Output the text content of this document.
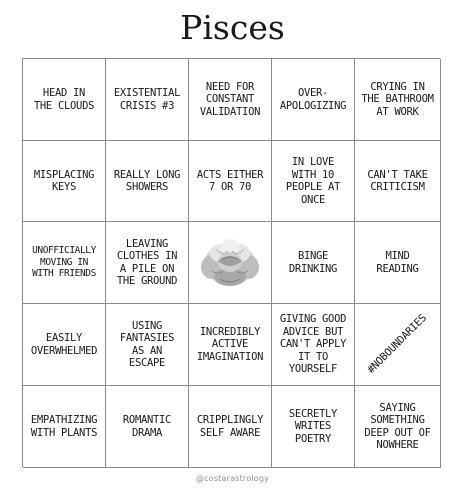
Pisces
HEAD IN
THE CLOUDS
EXISTENTIAL
CRISIS #3
NEED FOR
CONSTANT
VALIDATION
OVER-
APOLOGIZING
CRYING IN
THE BATHROOM
AT WORK
MISPLACING
KEYS
REALLY LONG
SHOWERS
ACTS EITHER
7 OR 70
IN LOVE
WITH 10
PEOPLE AT
ONCE
CAN'T TAKE
CRITICISM
UNOFFICIALLY
MOVING IN
WITH FRIENDS
LEAVING
CLOTHES IN
A PILE ON
THE GROUND

BINGE
DRINKING
MIND
READING
EASILY
OVERWHELMED
USING
FANTASIES
AS AN
ESCAPE
INCREDIBLY
ACTIVE
IMAGINATION
GIVING GOOD
ADVICE BUT
CAN'T APPLY
IT TO
YOURSELF	#NOBOUNDARIES
EMPATHIZING
WITH PLANTS
ROMANTIC
DRAMA
CRIPPLINGLY
SELF AWARE
SECRETLY
WRITES
POETRY
SAYING
SOMETHING
DEEP OUT OF
NOWHERE
@costarastrology
